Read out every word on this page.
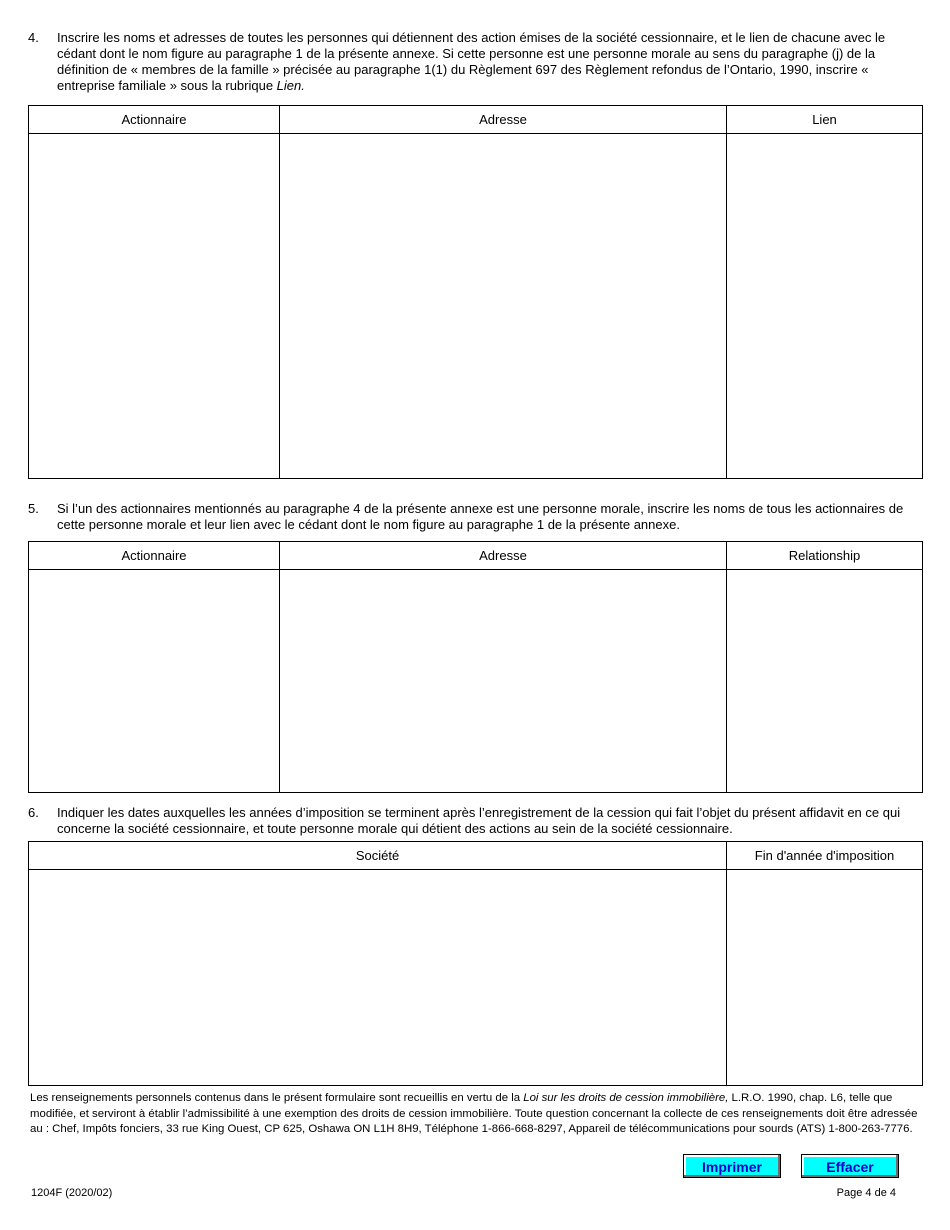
4. Inscrire les noms et adresses de toutes les personnes qui détiennent des action émises de la société cessionnaire, et le lien de chacune avec le cédant dont le nom figure au paragraphe 1 de la présente annexe. Si cette personne est une personne morale au sens du paragraphe (j) de la définition de « membres de la famille » précisée au paragraphe 1(1) du Règlement 697 des Règlement refondus de l’Ontario, 1990, inscrire « entreprise familiale » sous la rubrique Lien.

Actionnaire	Adresse	Lien

5. Si l’un des actionnaires mentionnés au paragraphe 4 de la présente annexe est une personne morale, inscrire les noms de tous les actionnaires de cette personne morale et leur lien avec le cédant dont le nom figure au paragraphe 1 de la présente annexe.

Actionnaire	Adresse	Relationship

6. Indiquer les dates auxquelles les années d’imposition se terminent après l’enregistrement de la cession qui fait l’objet du présent affidavit en ce qui concerne la société cessionnaire, et toute personne morale qui détient des actions au sein de la société cessionnaire.

Société	Fin d'année d'imposition

Les renseignements personnels contenus dans le présent formulaire sont recueillis en vertu de la Loi sur les droits de cession immobilière, L.R.O. 1990, chap. L6, telle que modifiée, et serviront à établir l’admissibilité à une exemption des droits de cession immobilière. Toute question concernant la collecte de ces renseignements doit être adressée au : Chef, Impôts fonciers, 33 rue King Ouest, CP 625, Oshawa ON L1H 8H9, Téléphone 1-866-668-8297, Appareil de télécommunications pour sourds (ATS) 1-800-263-7776.

Imprimer	Effacer
1204F (2020/02)	Page 4 de 4
